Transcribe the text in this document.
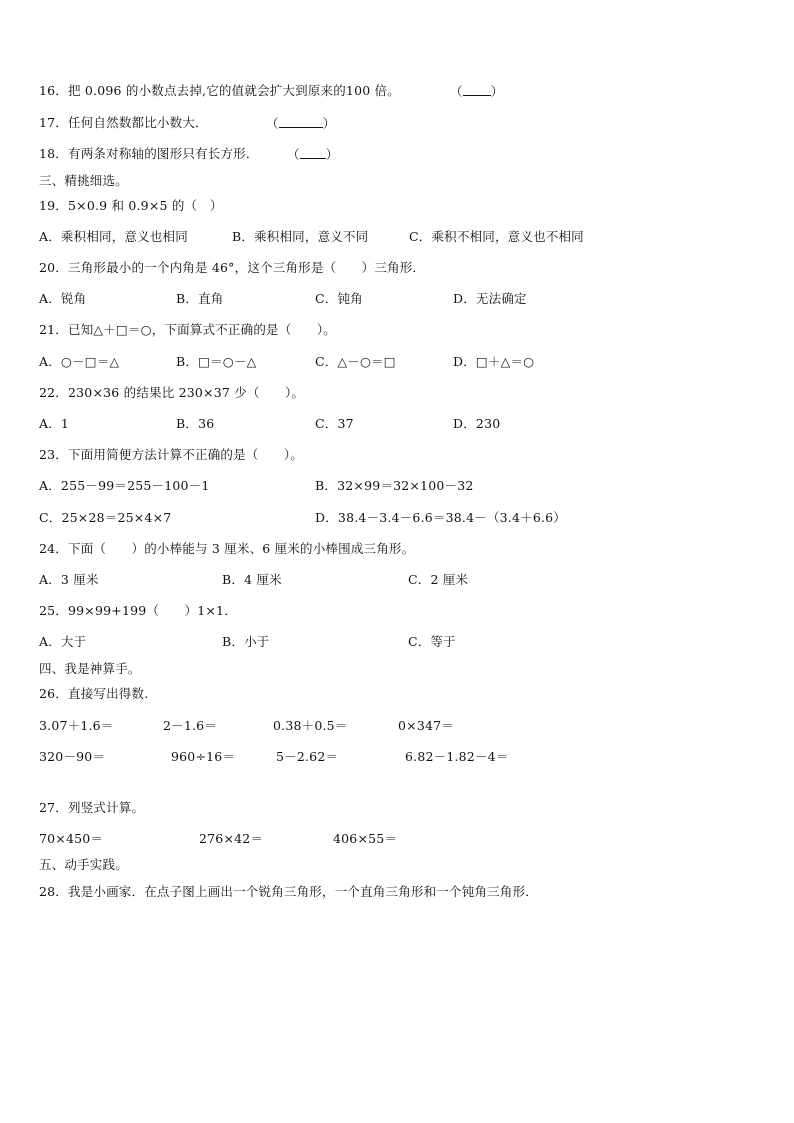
16．把 0.096 的小数点去掉,它的值就会扩大到原来的100 倍。	（ ）
17．任何自然数都比小数大．	（	）
18．有两条对称轴的图形只有长方形． （ ）
三、精挑细选。
19．5×0.9 和 0.9×5 的（　）
A．乘积相同，意义也相同	B．乘积相同，意义不同	C．乘积不相同，意义也不相同
20．三角形最小的一个内角是 46°，这个三角形是（　　）三角形．
A．锐角	B．直角	C．钝角	D．无法确定
21．已知△＋□＝○，下面算式不正确的是（　　）。
A．○－□＝△	B．□＝○－△	C．△－○＝□	D．□＋△＝○
22．230×36 的结果比 230×37 少（　　）。
A．1	B．36	C．37	D．230
23．下面用简便方法计算不正确的是（　　）。
A．255－99＝255－100－1	B．32×99＝32×100－32
C．25×28＝25×4×7	D．38.4－3.4－6.6＝38.4－（3.4＋6.6）
24．下面（　　）的小棒能与 3 厘米、6 厘米的小棒围成三角形。
A．3 厘米	B．4 厘米	C．2 厘米
25．99×99+199（　　）1×1．
A．大于	B．小于	C．等于
四、我是神算手。
26．直接写出得数.
3.07＋1.6＝	2－1.6＝	0.38＋0.5＝	0×347＝
320－90＝	960÷16＝	5－2.62＝	6.82－1.82－4＝
27．列竖式计算。
70×450＝	276×42＝	406×55＝
五、动手实践。
28．我是小画家．在点子图上画出一个锐角三角形，一个直角三角形和一个钝角三角形．
